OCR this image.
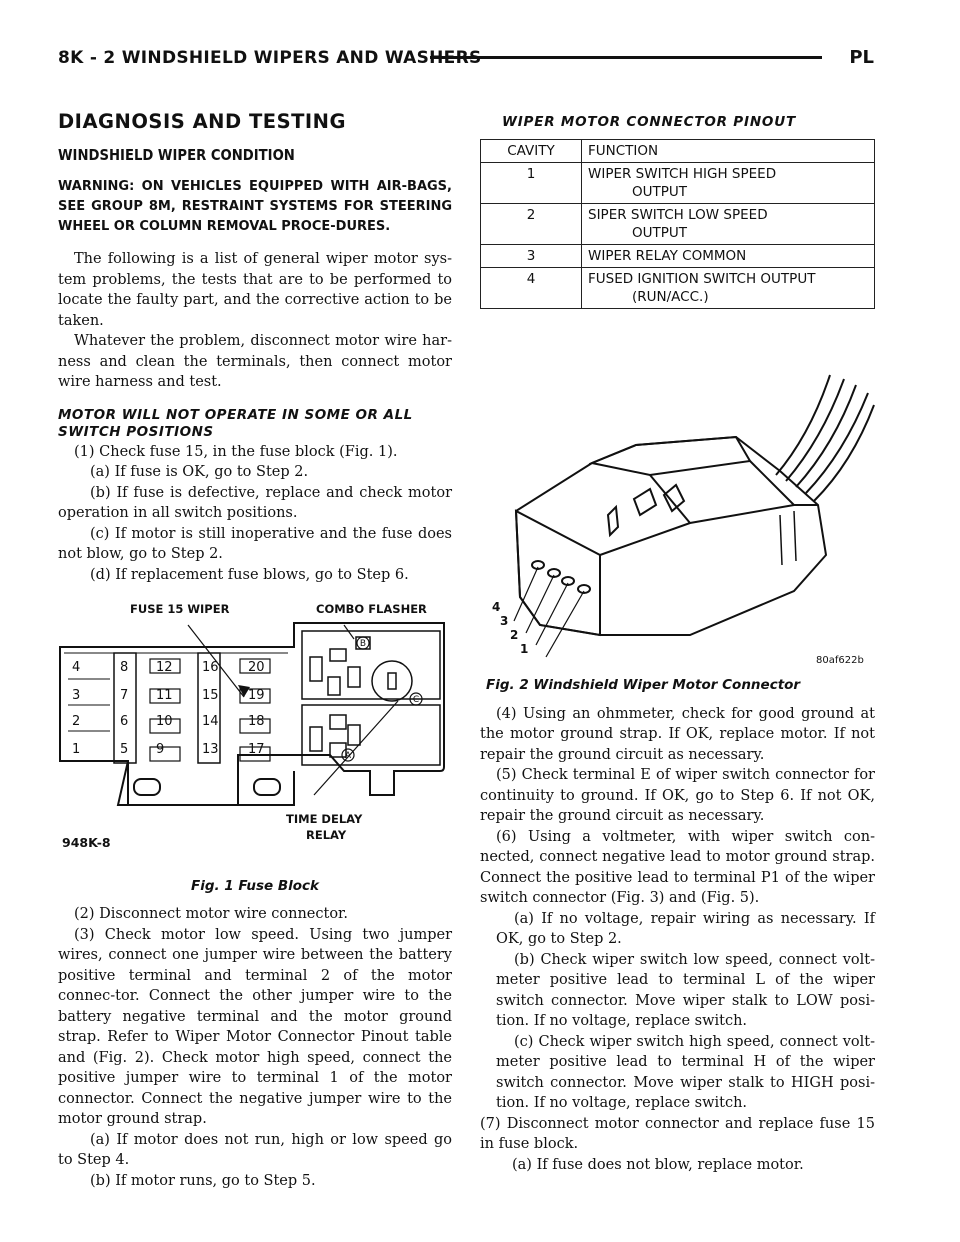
8K - 2 WINDSHIELD WIPERS AND WASHERS	PL
DIAGNOSIS AND TESTING
WINDSHIELD WIPER CONDITION

WARNING: ON VEHICLES EQUIPPED WITH AIR-BAGS, SEE GROUP 8M, RESTRAINT SYSTEMS FOR STEERING WHEEL OR COLUMN REMOVAL PROCE-DURES.

The following is a list of general wiper motor sys-tem problems, the tests that are to be performed to locate the faulty part, and the corrective action to be taken.

Whatever the problem, disconnect motor wire har-ness and clean the terminals, then connect motor wire harness and test.

MOTOR WILL NOT OPERATE IN SOME OR ALL SWITCH POSITIONS

(1) Check fuse 15, in the fuse block (Fig. 1).

(a) If fuse is OK, go to Step 2.

(b) If fuse is defective, replace and check motor operation in all switch positions.

(c) If motor is still inoperative and the fuse does not blow, go to Step 2.

(d) If replacement fuse blows, go to Step 6.

4
3
2
1
8
7
6
5
12
11
10
9
16
15
14
13
20
19
18
17
B
C
A
FUSE 15 WIPER	COMBO FLASHER
TIME DELAY
RELAY
948K-8
Fig. 1 Fuse Block

(2) Disconnect motor wire connector.

(3) Check motor low speed. Using two jumper wires, connect one jumper wire between the battery positive terminal and terminal 2 of the motor connec-tor. Connect the other jumper wire to the battery negative terminal and the motor ground strap. Refer to Wiper Motor Connector Pinout table and (Fig. 2). Check motor high speed, connect the positive jumper wire to terminal 1 of the motor connector. Connect the negative jumper wire to the motor ground strap.

(a) If motor does not run, high or low speed go to Step 4.

(b) If motor runs, go to Step 5.

WIPER MOTOR CONNECTOR PINOUT
CAVITY	FUNCTION
1	WIPER SWITCH HIGH SPEED
OUTPUT

2	SIPER SWITCH LOW SPEED
OUTPUT

3	WIPER RELAY COMMON

4	FUSED IGNITION SWITCH OUTPUT
(RUN/ACC.)
4
3
2
1
80af622b
Fig. 2 Windshield Wiper Motor Connector

(4) Using an ohmmeter, check for good ground at the motor ground strap. If OK, replace motor. If not repair the ground circuit as necessary.

(5) Check terminal E of wiper switch connector for continuity to ground. If OK, go to Step 6. If not OK, repair the ground circuit as necessary.

(6) Using a voltmeter, with wiper switch con-nected, connect negative lead to motor ground strap. Connect the positive lead to terminal P1 of the wiper switch connector (Fig. 3) and (Fig. 5).

(a) If no voltage, repair wiring as necessary. If OK, go to Step 2.

(b) Check wiper switch low speed, connect volt-meter positive lead to terminal L of the wiper switch connector. Move wiper stalk to LOW posi-tion. If no voltage, replace switch.

(c) Check wiper switch high speed, connect volt-meter positive lead to terminal H of the wiper switch connector. Move wiper stalk to HIGH posi-tion. If no voltage, replace switch.

(7) Disconnect motor connector and replace fuse 15 in fuse block.

(a) If fuse does not blow, replace motor.
